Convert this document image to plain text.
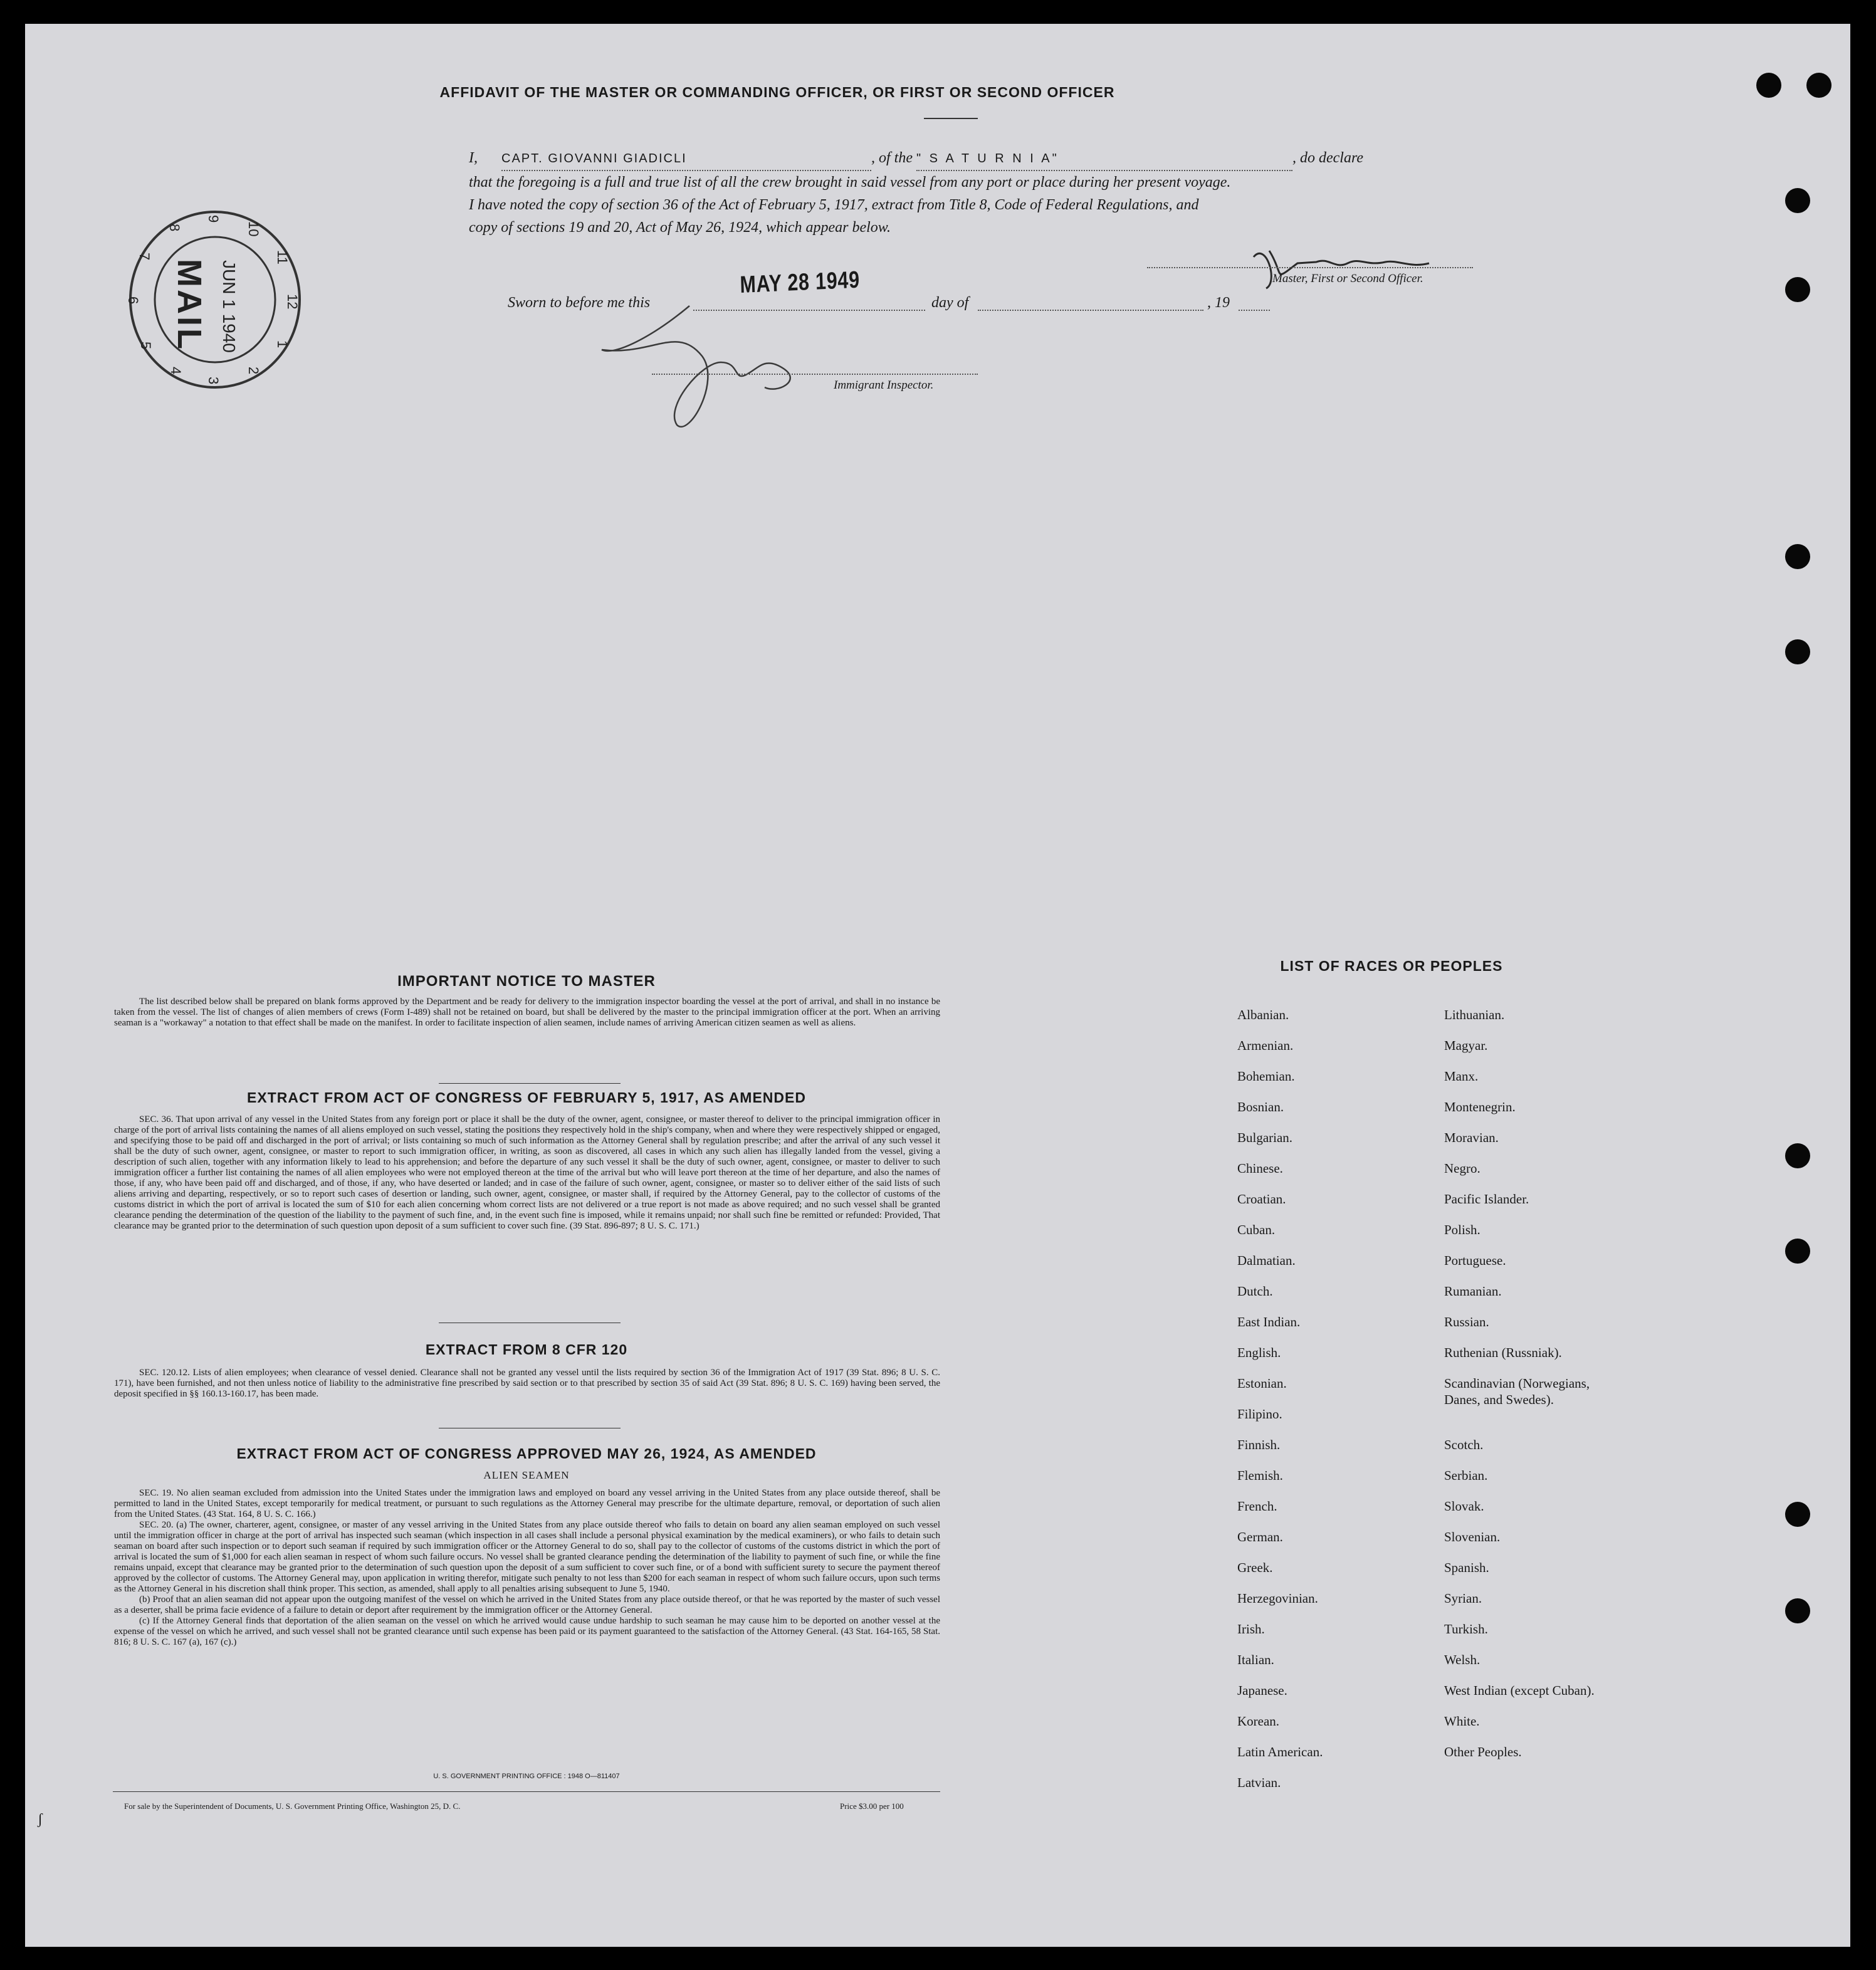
AFFIDAVIT OF THE MASTER OR COMMANDING OFFICER, OR FIRST OR SECOND OFFICER
I, CAPT. GIOVANNI GIADICLI	, of the " S A T U R N I A"	, do declare
that the foregoing is a full and true list of all the crew brought in said vessel from any port or place during her present voyage.
I have noted the copy of section 36 of the Act of February 5, 1917, extract from Title 8, Code of Federal Regulations, and
copy of sections 19 and 20, Act of May 26, 1924, which appear below.
Master, First or Second Officer.
Sworn to before me this
MAY 28 1949
day of	, 19
Immigrant Inspector.
MAIL JUN 1 1940	1
2
3
4
5
6
7
8
9
10
11
12
IMPORTANT NOTICE TO MASTER

The list described below shall be prepared on blank forms approved by the Department and be ready for delivery to the immigration inspector boarding the vessel at the port of arrival, and shall in no instance be taken from the vessel. The list of changes of alien members of crews (Form I-489) shall not be retained on board, but shall be delivered by the master to the principal immigration officer at the port. When an arriving seaman is a "workaway" a notation to that effect shall be made on the manifest. In order to facilitate inspection of alien seamen, include names of arriving American citizen seamen as well as aliens.

EXTRACT FROM ACT OF CONGRESS OF FEBRUARY 5, 1917, AS AMENDED

SEC. 36. That upon arrival of any vessel in the United States from any foreign port or place it shall be the duty of the owner, agent, consignee, or master thereof to deliver to the principal immigration officer in charge of the port of arrival lists containing the names of all aliens employed on such vessel, stating the positions they respectively hold in the ship's company, when and where they were respectively shipped or engaged, and specifying those to be paid off and discharged in the port of arrival; or lists containing so much of such information as the Attorney General shall by regulation prescribe; and after the arrival of any such vessel it shall be the duty of such owner, agent, consignee, or master to report to such immigration officer, in writing, as soon as discovered, all cases in which any such alien has illegally landed from the vessel, giving a description of such alien, together with any information likely to lead to his apprehension; and before the departure of any such vessel it shall be the duty of such owner, agent, consignee, or master to deliver to such immigration officer a further list containing the names of all alien employees who were not employed thereon at the time of the arrival but who will leave port thereon at the time of her departure, and also the names of those, if any, who have been paid off and discharged, and of those, if any, who have deserted or landed; and in case of the failure of such owner, agent, consignee, or master so to deliver either of the said lists of such aliens arriving and departing, respectively, or so to report such cases of desertion or landing, such owner, agent, consignee, or master shall, if required by the Attorney General, pay to the collector of customs of the customs district in which the port of arrival is located the sum of $10 for each alien concerning whom correct lists are not delivered or a true report is not made as above required; and no such vessel shall be granted clearance pending the determination of the question of the liability to the payment of such fine, and, in the event such fine is imposed, while it remains unpaid; nor shall such fine be remitted or refunded: Provided, That clearance may be granted prior to the determination of such question upon deposit of a sum sufficient to cover such fine. (39 Stat. 896-897; 8 U. S. C. 171.)

EXTRACT FROM 8 CFR 120

SEC. 120.12. Lists of alien employees; when clearance of vessel denied. Clearance shall not be granted any vessel until the lists required by section 36 of the Immigration Act of 1917 (39 Stat. 896; 8 U. S. C. 171), have been furnished, and not then unless notice of liability to the administrative fine prescribed by said section or to that prescribed by section 35 of said Act (39 Stat. 896; 8 U. S. C. 169) having been served, the deposit specified in §§ 160.13-160.17, has been made.

EXTRACT FROM ACT OF CONGRESS APPROVED MAY 26, 1924, AS AMENDED
ALIEN SEAMEN

SEC. 19. No alien seaman excluded from admission into the United States under the immigration laws and employed on board any vessel arriving in the United States from any place outside thereof, shall be permitted to land in the United States, except temporarily for medical treatment, or pursuant to such regulations as the Attorney General may prescribe for the ultimate departure, removal, or deportation of such alien from the United States. (43 Stat. 164, 8 U. S. C. 166.)

SEC. 20. (a) The owner, charterer, agent, consignee, or master of any vessel arriving in the United States from any place outside thereof who fails to detain on board any alien seaman employed on such vessel until the immigration officer in charge at the port of arrival has inspected such seaman (which inspection in all cases shall include a personal physical examination by the medical examiners), or who fails to detain such seaman on board after such inspection or to deport such seaman if required by such immigration officer or the Attorney General to do so, shall pay to the collector of customs of the customs district in which the port of arrival is located the sum of $1,000 for each alien seaman in respect of whom such failure occurs. No vessel shall be granted clearance pending the determination of the liability to payment of such fine, or while the fine remains unpaid, except that clearance may be granted prior to the determination of such question upon the deposit of a sum sufficient to cover such fine, or of a bond with sufficient surety to secure the payment thereof approved by the collector of customs. The Attorney General may, upon application in writing therefor, mitigate such penalty to not less than $200 for each seaman in respect of whom such failure occurs, upon such terms as the Attorney General in his discretion shall think proper. This section, as amended, shall apply to all penalties arising subsequent to June 5, 1940.

(b) Proof that an alien seaman did not appear upon the outgoing manifest of the vessel on which he arrived in the United States from any place outside thereof, or that he was reported by the master of such vessel as a deserter, shall be prima facie evidence of a failure to detain or deport after requirement by the immigration officer or the Attorney General.

(c) If the Attorney General finds that deportation of the alien seaman on the vessel on which he arrived would cause undue hardship to such seaman he may cause him to be deported on another vessel at the expense of the vessel on which he arrived, and such vessel shall not be granted clearance until such expense has been paid or its payment guaranteed to the satisfaction of the Attorney General. (43 Stat. 164-165, 58 Stat. 816; 8 U. S. C. 167 (a), 167 (c).)

U. S. GOVERNMENT PRINTING OFFICE : 1948 O—811407
For sale by the Superintendent of Documents, U. S. Government Printing Office, Washington 25, D. C.	Price $3.00 per 100
LIST OF RACES OR PEOPLES
Albanian.
Armenian.
Bohemian.
Bosnian.
Bulgarian.
Chinese.
Croatian.
Cuban.
Dalmatian.
Dutch.
East Indian.
English.
Estonian.
Filipino.
Finnish.
Flemish.
French.
German.
Greek.
Herzegovinian.
Irish.
Italian.
Japanese.
Korean.
Latin American.
Latvian.
Lithuanian.
Magyar.
Manx.
Montenegrin.
Moravian.
Negro.
Pacific Islander.
Polish.
Portuguese.
Rumanian.
Russian.
Ruthenian (Russniak).
Scandinavian (Norwegians,
Danes, and Swedes).
Scotch.
Serbian.
Slovak.
Slovenian.
Spanish.
Syrian.
Turkish.
Welsh.
West Indian (except Cuban).
White.
Other Peoples.
ʃ
